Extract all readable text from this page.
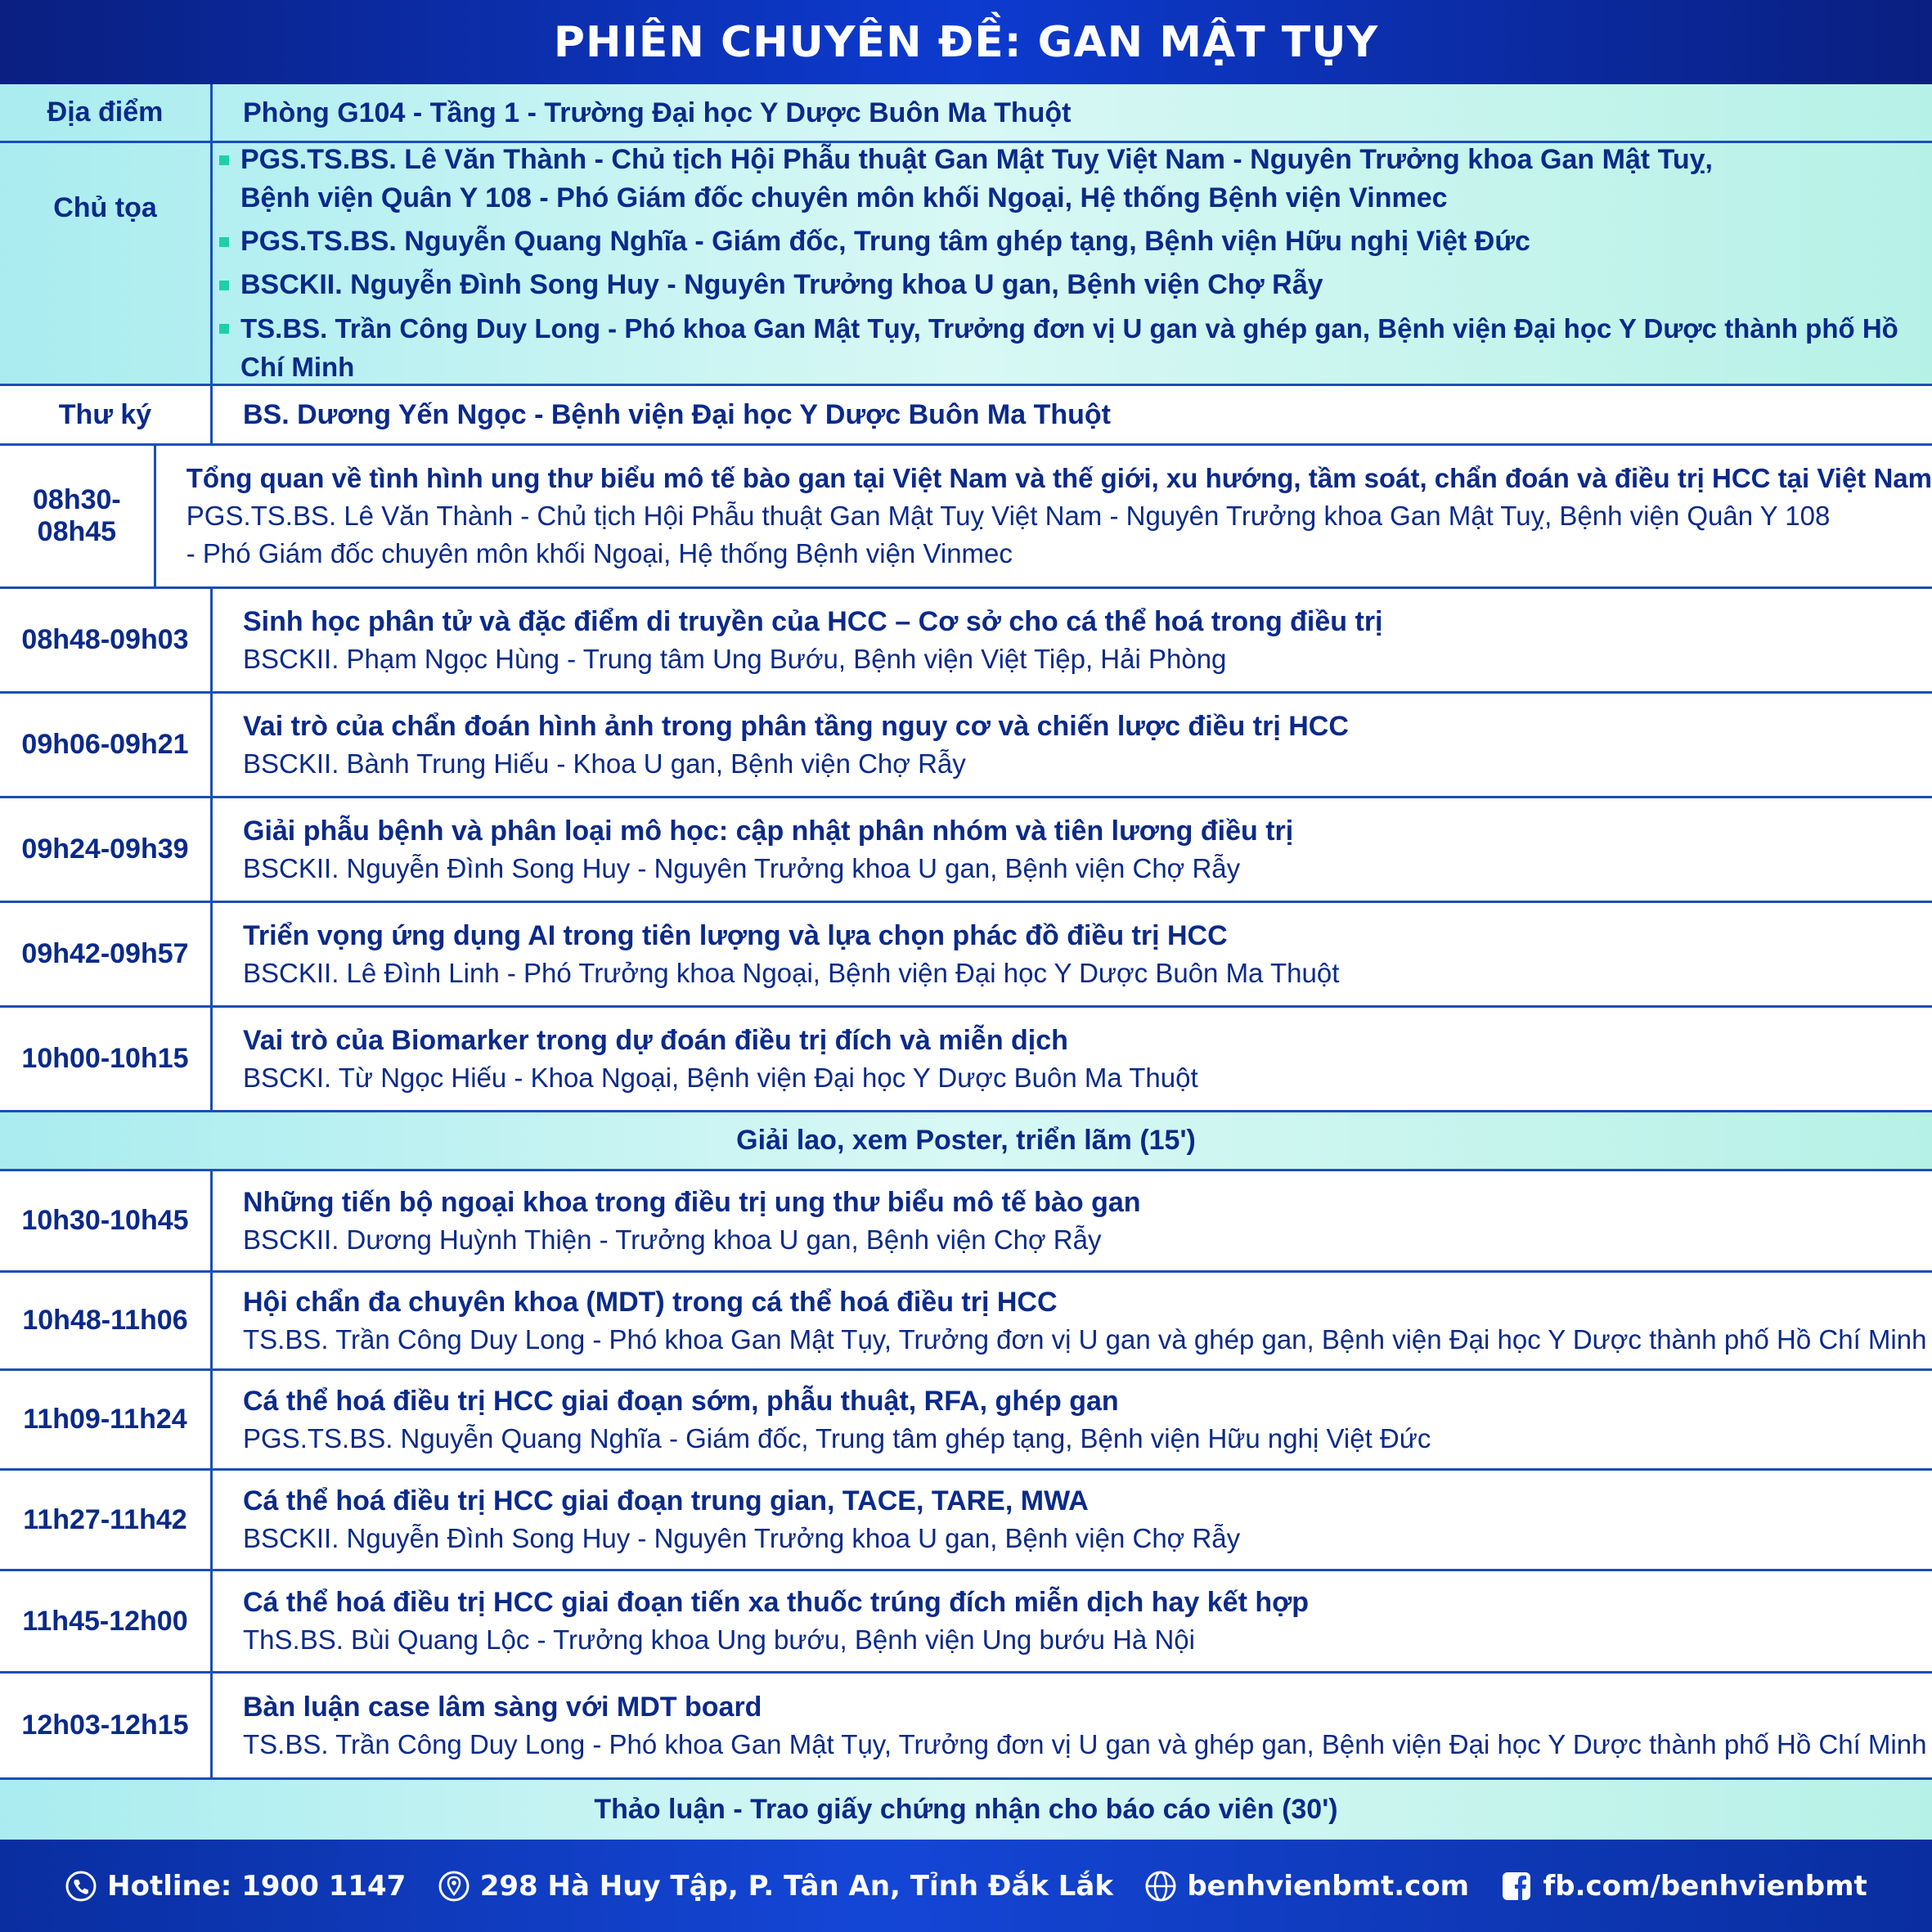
PHIÊN CHUYÊN ĐỀ: GAN MẬT TỤY
Địa điểm	Phòng G104 - Tầng 1 - Trường Đại học Y Dược Buôn Ma Thuột
Chủ tọa
PGS.TS.BS. Lê Văn Thành - Chủ tịch Hội Phẫu thuật Gan Mật Tuỵ Việt Nam - Nguyên Trưởng khoa Gan Mật Tuỵ,
Bệnh viện Quân Y 108 - Phó Giám đốc chuyên môn khối Ngoại, Hệ thống Bệnh viện Vinmec
PGS.TS.BS. Nguyễn Quang Nghĩa - Giám đốc, Trung tâm ghép tạng, Bệnh viện Hữu nghị Việt Đức
BSCKII. Nguyễn Đình Song Huy - Nguyên Trưởng khoa U gan, Bệnh viện Chợ Rẫy
TS.BS. Trần Công Duy Long - Phó khoa Gan Mật Tụy, Trưởng đơn vị U gan và ghép gan, Bệnh viện Đại học Y Dược thành phố Hồ Chí Minh
Thư ký	BS. Dương Yến Ngọc - Bệnh viện Đại học Y Dược Buôn Ma Thuột
08h30-08h45
Tổng quan về tình hình ung thư biểu mô tế bào gan tại Việt Nam và thế giới, xu hướng, tầm soát, chẩn đoán và điều trị HCC tại Việt Nam
PGS.TS.BS. Lê Văn Thành - Chủ tịch Hội Phẫu thuật Gan Mật Tuỵ Việt Nam - Nguyên Trưởng khoa Gan Mật Tuỵ, Bệnh viện Quân Y 108
- Phó Giám đốc chuyên môn khối Ngoại, Hệ thống Bệnh viện Vinmec
08h48-09h03
Sinh học phân tử và đặc điểm di truyền của HCC – Cơ sở cho cá thể hoá trong điều trị
BSCKII. Phạm Ngọc Hùng - Trung tâm Ung Bướu, Bệnh viện Việt Tiệp, Hải Phòng
09h06-09h21
Vai trò của chẩn đoán hình ảnh trong phân tầng nguy cơ và chiến lược điều trị HCC
BSCKII. Bành Trung Hiếu - Khoa U gan, Bệnh viện Chợ Rẫy
09h24-09h39
Giải phẫu bệnh và phân loại mô học: cập nhật phân nhóm và tiên lương điều trị
BSCKII. Nguyễn Đình Song Huy - Nguyên Trưởng khoa U gan, Bệnh viện Chợ Rẫy
09h42-09h57
Triển vọng ứng dụng AI trong tiên lượng và lựa chọn phác đồ điều trị HCC
BSCKII. Lê Đình Linh - Phó Trưởng khoa Ngoại, Bệnh viện Đại học Y Dược Buôn Ma Thuột
10h00-10h15
Vai trò của Biomarker trong dự đoán điều trị đích và miễn dịch
BSCKI. Từ Ngọc Hiếu - Khoa Ngoại, Bệnh viện Đại học Y Dược Buôn Ma Thuột
Giải lao, xem Poster, triển lãm (15')
10h30-10h45
Những tiến bộ ngoại khoa trong điều trị ung thư biểu mô tế bào gan
BSCKII. Dương Huỳnh Thiện - Trưởng khoa U gan, Bệnh viện Chợ Rẫy
10h48-11h06
Hội chẩn đa chuyên khoa (MDT) trong cá thể hoá điều trị HCC
TS.BS. Trần Công Duy Long - Phó khoa Gan Mật Tụy, Trưởng đơn vị U gan và ghép gan, Bệnh viện Đại học Y Dược thành phố Hồ Chí Minh
11h09-11h24
Cá thể hoá điều trị HCC giai đoạn sớm, phẫu thuật, RFA, ghép gan
PGS.TS.BS. Nguyễn Quang Nghĩa - Giám đốc, Trung tâm ghép tạng, Bệnh viện Hữu nghị Việt Đức
11h27-11h42
Cá thể hoá điều trị HCC giai đoạn trung gian, TACE, TARE, MWA
BSCKII. Nguyễn Đình Song Huy - Nguyên Trưởng khoa U gan, Bệnh viện Chợ Rẫy
11h45-12h00
Cá thể hoá điều trị HCC giai đoạn tiến xa thuốc trúng đích miễn dịch hay kết hợp
ThS.BS. Bùi Quang Lộc - Trưởng khoa Ung bướu, Bệnh viện Ung bướu Hà Nội
12h03-12h15
Bàn luận case lâm sàng với MDT board
TS.BS. Trần Công Duy Long - Phó khoa Gan Mật Tụy, Trưởng đơn vị U gan và ghép gan, Bệnh viện Đại học Y Dược thành phố Hồ Chí Minh
Thảo luận - Trao giấy chứng nhận cho báo cáo viên (30')
Hotline: 1900 1147	298 Hà Huy Tập, P. Tân An, Tỉnh Đắk Lắk	benhvienbmt.com	fb.com/benhvienbmt
